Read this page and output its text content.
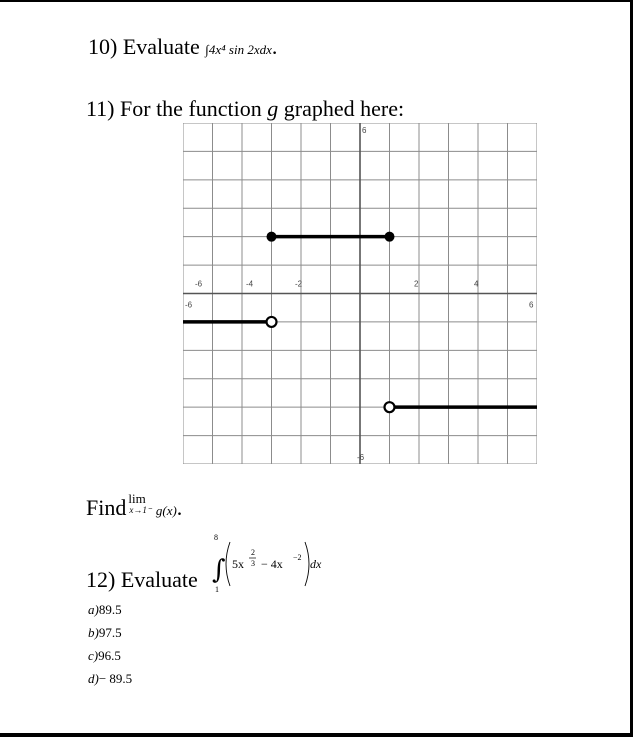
10) Evaluate ∫4x⁴ sin 2xdx.
11) For the function g graphed here:
-6	-4	-2	2	4
6
-6
6
-6
Find lim
x→1⁻ g(x).
12) Evaluate
8
∫
1
5x
2
3 − 4x −2 dx
a)89.5
b)97.5
c)96.5
d)− 89.5
